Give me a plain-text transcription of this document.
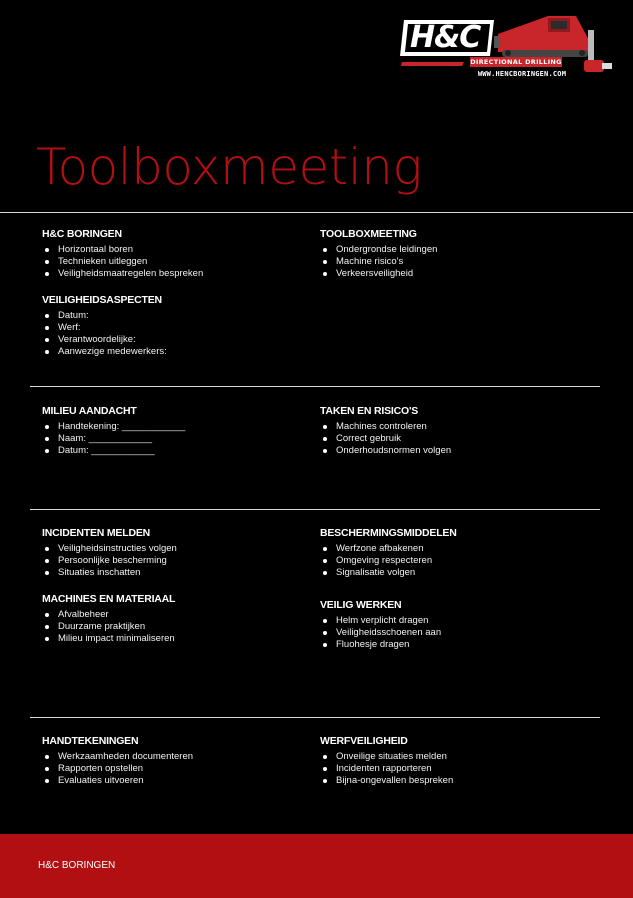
H&C
DIRECTIONAL DRILLING
WWW.HENCBORINGEN.COM
Toolboxmeeting
H&C BORINGEN
Horizontaal boren
Technieken uitleggen
Veiligheidsmaatregelen bespreken
VEILIGHEIDSASPECTEN
Datum:
Werf:
Verantwoordelijke:
Aanwezige medewerkers:
TOOLBOXMEETING
Ondergrondse leidingen
Machine risico's
Verkeersveiligheid
MILIEU AANDACHT
Handtekening: ____________
Naam: ____________
Datum: ____________
TAKEN EN RISICO'S
Machines controleren
Correct gebruik
Onderhoudsnormen volgen
INCIDENTEN MELDEN
Veiligheidsinstructies volgen
Persoonlijke bescherming
Situaties inschatten
MACHINES EN MATERIAAL
Afvalbeheer
Duurzame praktijken
Milieu impact minimaliseren
BESCHERMINGSMIDDELEN
Werfzone afbakenen
Omgeving respecteren
Signalisatie volgen
VEILIG WERKEN
Helm verplicht dragen
Veiligheidsschoenen aan
Fluohesje dragen
HANDTEKENINGEN
Werkzaamheden documenteren
Rapporten opstellen
Evaluaties uitvoeren
WERFVEILIGHEID
Onveilige situaties melden
Incidenten rapporteren
Bijna-ongevallen bespreken
H&C BORINGEN
